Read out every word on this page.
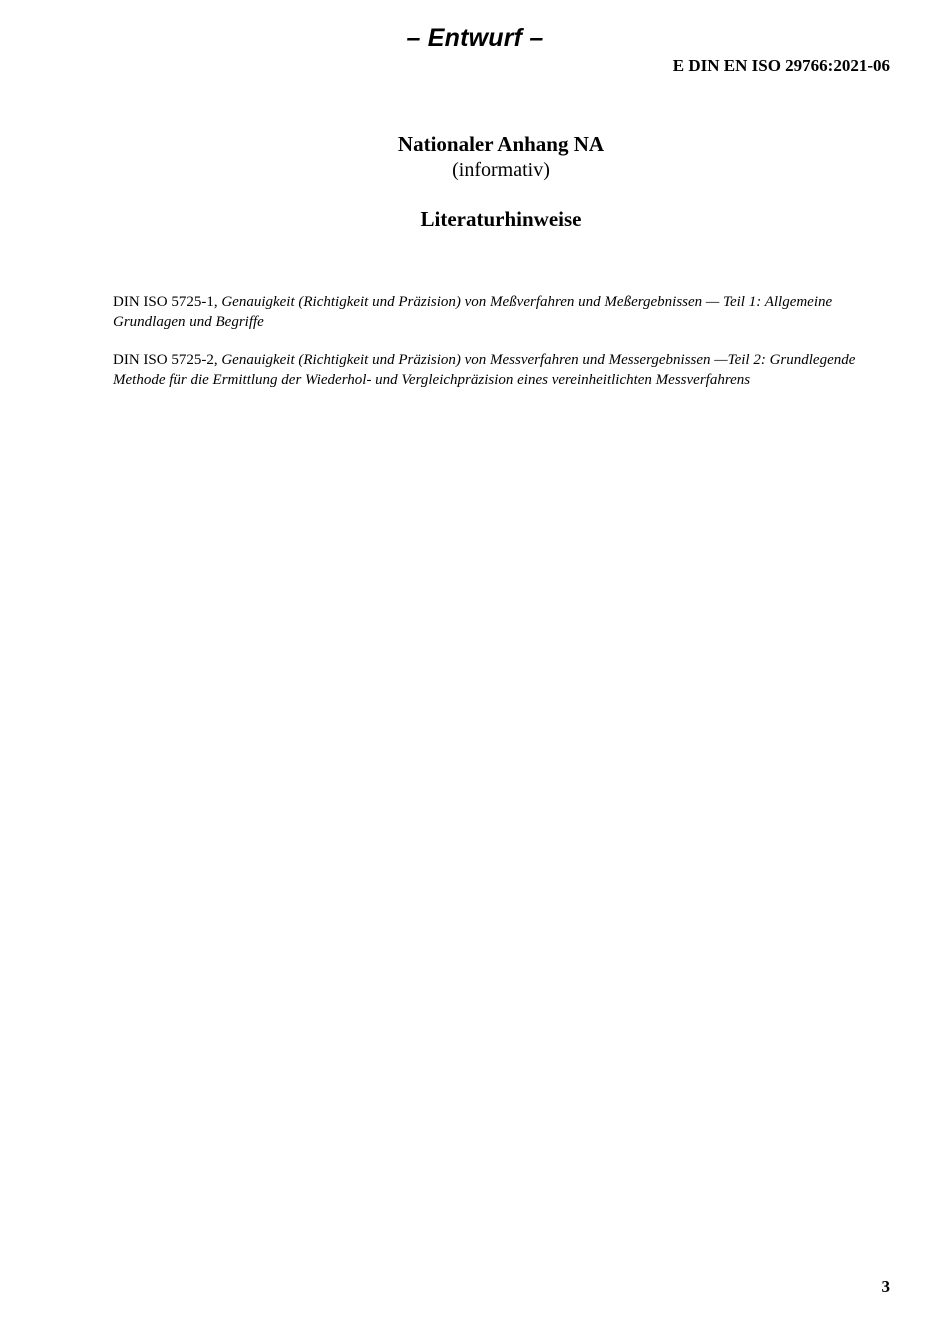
– Entwurf –
E DIN EN ISO 29766:2021-06
Nationaler Anhang NA
(informativ)
Literaturhinweise

DIN ISO 5725-1, Genauigkeit (Richtigkeit und Präzision) von Meßverfahren und Meßergebnissen — Teil 1: Allgemeine Grundlagen und Begriffe

DIN ISO 5725-2, Genauigkeit (Richtigkeit und Präzision) von Messverfahren und Messergebnissen —Teil 2: Grundlegende Methode für die Ermittlung der Wiederhol- und Vergleichpräzision eines vereinheitlichten Messverfahrens

3
